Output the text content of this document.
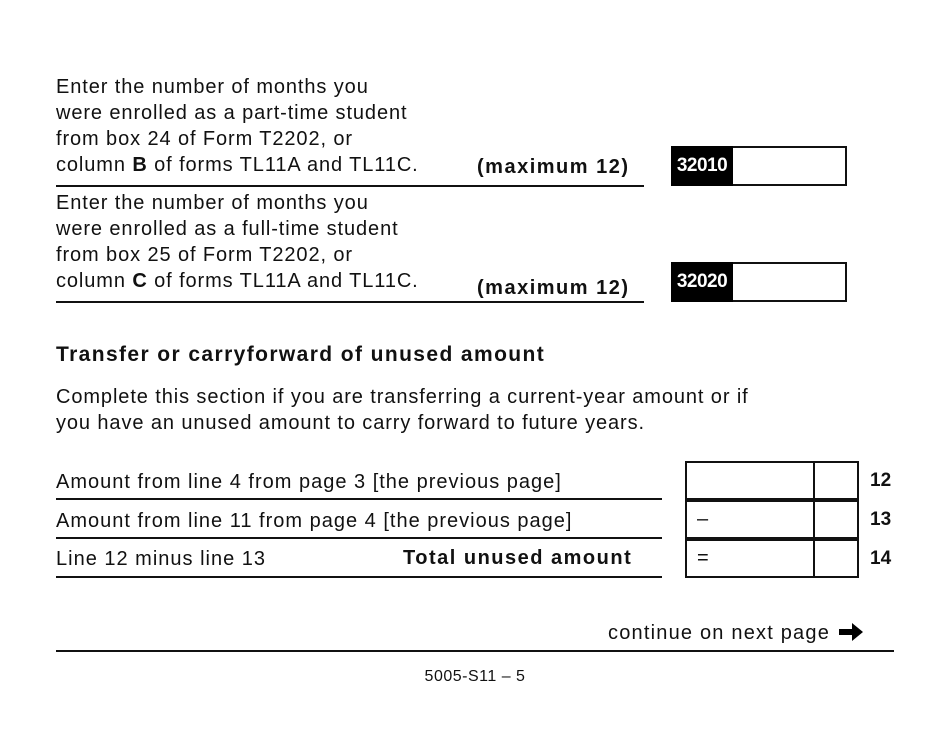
Enter the number of months you
were enrolled as a part-time student
from box 24 of Form T2202, or
column B of forms TL11A and TL11C.	(maximum 12)	32010
Enter the number of months you
were enrolled as a full-time student
from box 25 of Form T2202, or
column C of forms TL11A and TL11C.	(maximum 12)	32020
Transfer or carryforward of unused amount
Complete this section if you are transferring a current-year amount or if
you have an unused amount to carry forward to future years.
Amount from line 4 from page 3 [the previous page]	12
Amount from line 11 from page 4 [the previous page]	–	13
Line 12 minus line 13	Total unused amount	=	14
continue on next page
5005-S11 – 5
